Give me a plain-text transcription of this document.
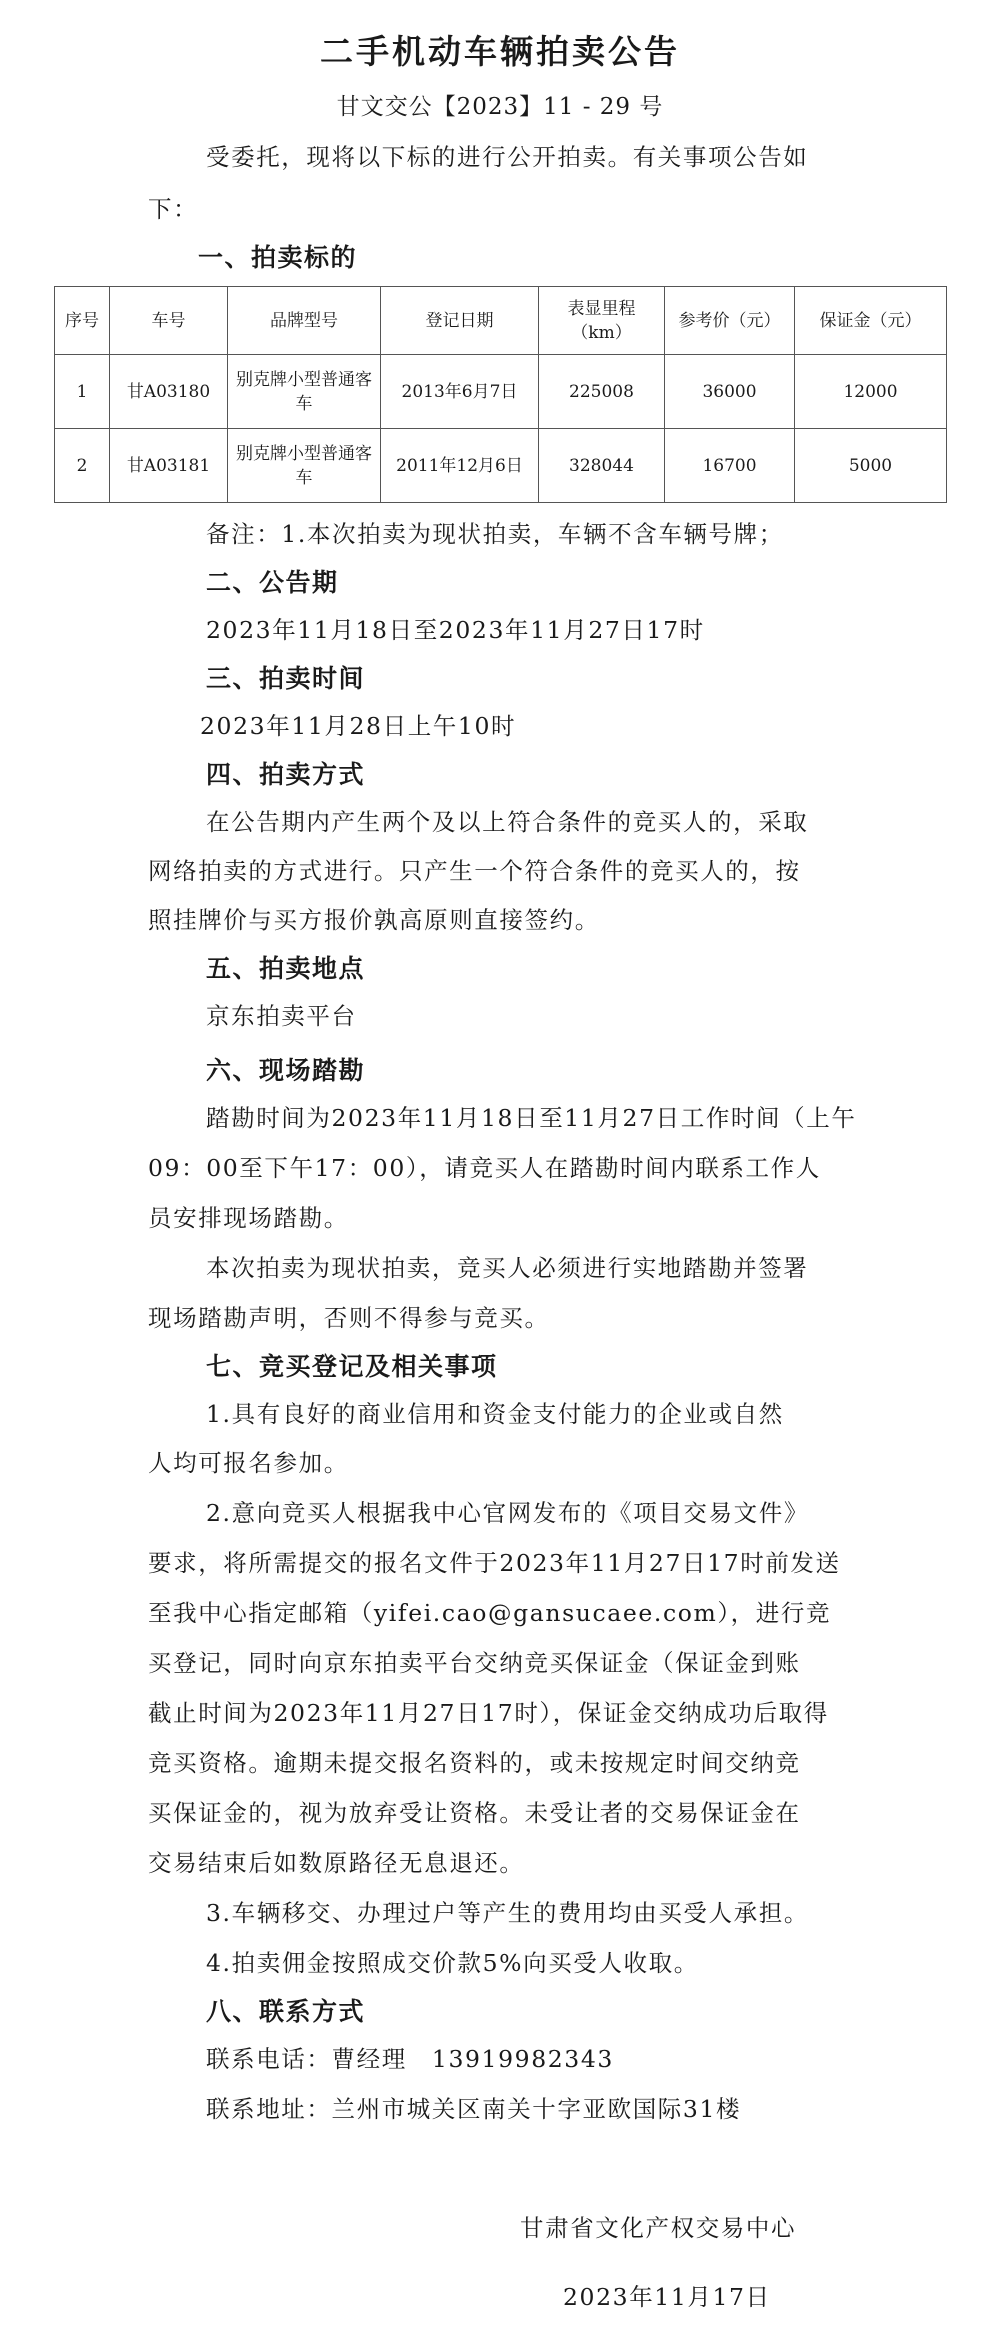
二手机动车辆拍卖公告
甘文交公【2023】11 - 29 号
受委托，现将以下标的进行公开拍卖。有关事项公告如
下：
一、拍卖标的
序号	车号	品牌型号	登记日期	表显里程（km）	参考价（元）	保证金（元）
1	甘A03180	别克牌小型普通客车	2013年6月7日	225008	36000	12000
2	甘A03181	别克牌小型普通客车	2011年12月6日	328044	16700	5000
备注：1.本次拍卖为现状拍卖，车辆不含车辆号牌；
二、公告期
2023年11月18日至2023年11月27日17时
三、拍卖时间
2023年11月28日上午10时
四、拍卖方式
在公告期内产生两个及以上符合条件的竞买人的，采取
网络拍卖的方式进行。只产生一个符合条件的竞买人的，按
照挂牌价与买方报价孰高原则直接签约。
五、拍卖地点
京东拍卖平台
六、现场踏勘
踏勘时间为2023年11月18日至11月27日工作时间（上午
09：00至下午17：00），请竞买人在踏勘时间内联系工作人
员安排现场踏勘。
本次拍卖为现状拍卖，竞买人必须进行实地踏勘并签署
现场踏勘声明，否则不得参与竞买。
七、竞买登记及相关事项
1.具有良好的商业信用和资金支付能力的企业或自然
人均可报名参加。
2.意向竞买人根据我中心官网发布的《项目交易文件》
要求，将所需提交的报名文件于2023年11月27日17时前发送
至我中心指定邮箱（yifei.cao@gansucaee.com），进行竞
买登记，同时向京东拍卖平台交纳竞买保证金（保证金到账
截止时间为2023年11月27日17时），保证金交纳成功后取得
竞买资格。逾期未提交报名资料的，或未按规定时间交纳竞
买保证金的，视为放弃受让资格。未受让者的交易保证金在
交易结束后如数原路径无息退还。
3.车辆移交、办理过户等产生的费用均由买受人承担。
4.拍卖佣金按照成交价款5%向买受人收取。
八、联系方式
联系电话：曹经理　13919982343
联系地址：兰州市城关区南关十字亚欧国际31楼
甘肃省文化产权交易中心
2023年11月17日
